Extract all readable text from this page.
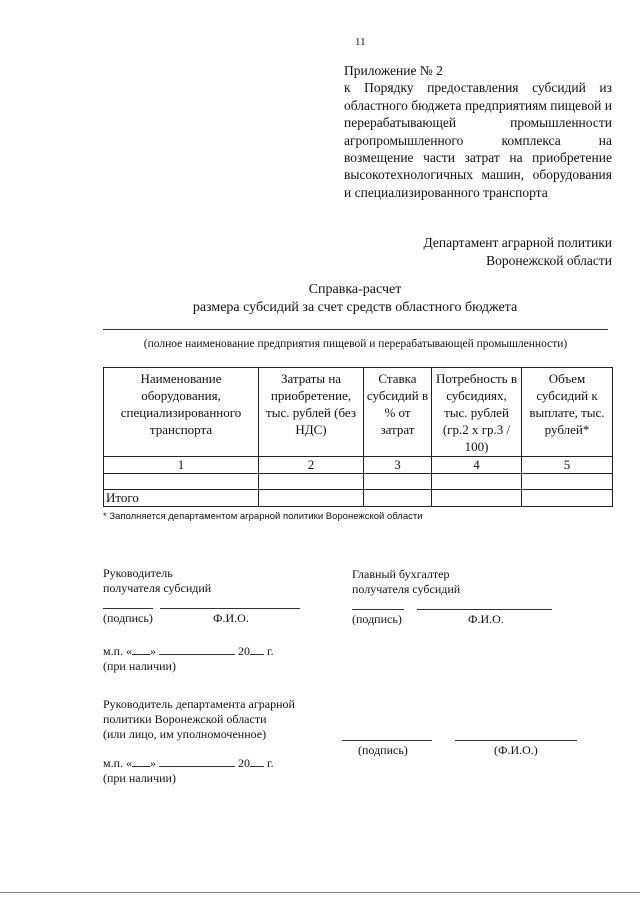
11
Приложение № 2
к Порядку предоставления субсидий из областного бюджета предприятиям пищевой и перерабатывающей промышленности агропромышленного комплекса на возмещение части затрат на приобретение высокотехнологичных машин, оборудования и специализированного транспорта
Департамент аграрной политики
Воронежской области
Справка-расчет
размера субсидий за счет средств областного бюджета
(полное наименование предприятия пищевой и перерабатывающей промышленности)
Наименование оборудования, специализированного транспорта	Затраты на приобретение, тыс. рублей (без НДС)	Ставка субсидий в % от затрат	Потребность в субсидиях, тыс. рублей (гр.2 х гр.3 / 100)	Объем субсидий к выплате, тыс. рублей*
1	2	3	4	5

Итого				
* Заполняется департаментом аграрной политики Воронежской области
Руководитель
получателя субсидий
(подпись)	Ф.И.О.
Главный бухгалтер
получателя субсидий
(подпись)	Ф.И.О.
м.п. « »	20 г.
(при наличии)
Руководитель департамента аграрной
политики Воронежской области
(или лицо, им уполномоченное)
(подпись)	(Ф.И.О.)
м.п. « »	20 г.
(при наличии)
